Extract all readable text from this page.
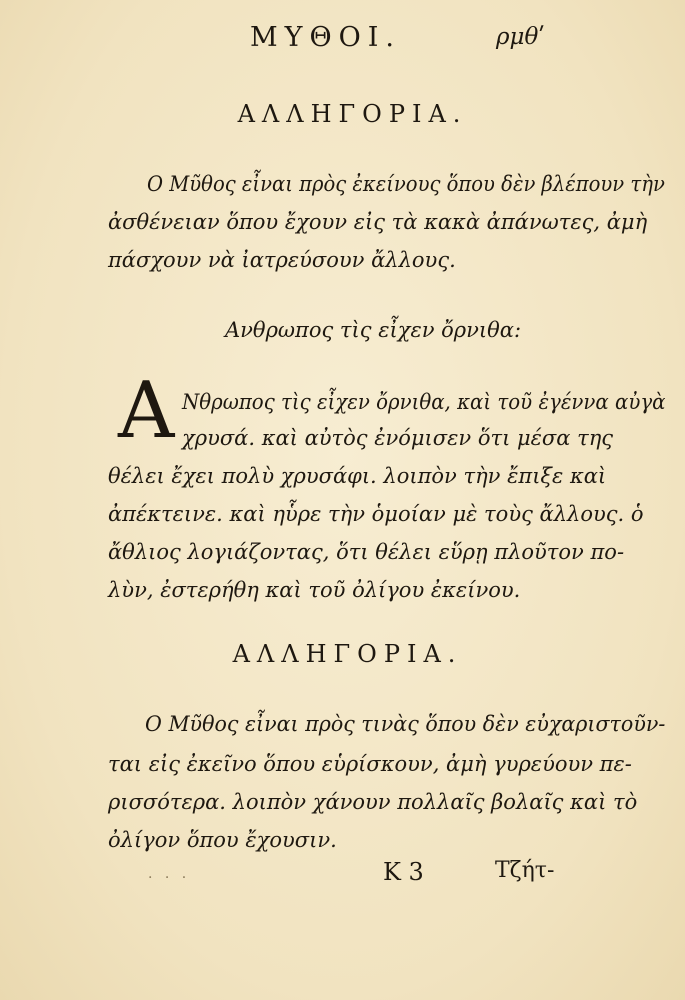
ΜΥΘΟΙ.	ρμθʹ
ΑΛΛΗΓΟΡΙΑ.
Ο Μῦθος εἶναι πρὸς ἐκείνους ὅπου δὲν βλέπουν τὴν
ἀσθένειαν ὅπου ἔχουν εἰς τὰ κακὰ ἀπάνωτες, ἀμὴ
πάσχουν νὰ ἰατρεύσουν ἄλλους.
Ανθρωπος τὶς εἶχεν ὄρνιθα:
A Νθρωπος τὶς εἶχεν ὄρνιθα, καὶ τοῦ ἐγέννα αὐγὰ
χρυσά. καὶ αὐτὸς ἐνόμισεν ὅτι μέσα της
θέλει ἔχει πολὺ χρυσάφι. λοιπὸν τὴν ἔπιξε καὶ
ἀπέκτεινε. καὶ ηὗρε τὴν ὁμοίαν μὲ τοὺς ἄλλους. ὁ
ἄθλιος λογιάζοντας, ὅτι θέλει εὕρῃ πλοῦτον πο-
λὺν, ἐστερήθη καὶ τοῦ ὀλίγου ἐκείνου.
ΑΛΛΗΓΟΡΙΑ.
Ο Μῦθος εἶναι πρὸς τινὰς ὅπου δὲν εὐχαριστοῦν-
ται εἰς ἐκεῖνο ὅπου εὑρίσκουν, ἀμὴ γυρεύουν πε-
ρισσότερα. λοιπὸν χάνουν πολλαῖς βολαῖς καὶ τὸ
ὀλίγον ὅπου ἔχουσιν.
· · ·	Κ 3	Τζήτ-
